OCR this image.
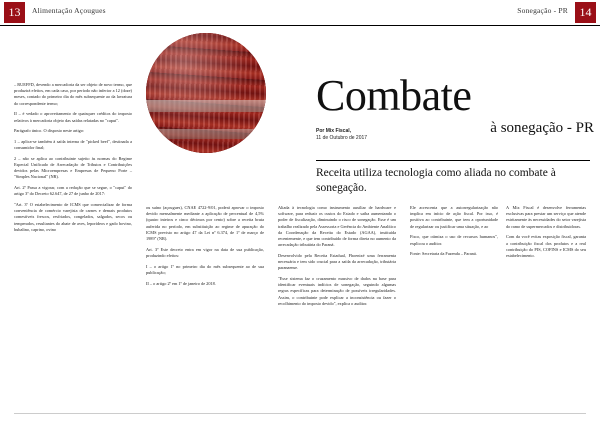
13	Alimentação Açougues	Sonegação - PR 14
Combate
à sonegação - PR
Por Mix Fiscal,
11 de Outubro de 2017
Receita utiliza tecnologia como aliada no combate à sonegação.

– RUEFFD, devendo a mercadoria da ser objeto de novo termo, que produzirá efeitos, em cada caso, por período não inferior a 12 (doze) meses, contado do primeiro dia do mês subsequente ao da lavratura do correspondente termo;

II – é vedado o aproveitamento de quaisquer créditos do imposto relativos à mercadoria objeto das saídas relatadas no "caput".

Parágrafo único. O disposto neste artigo:

1 – aplica-se também à saída interna de "picked beef", destinada a consumidor final;

2 – não se aplica ao contribuinte sujeito às normas do Regime Especial Unificado de Arrecadação de Tributos e Contribuições devidos pelas Microempresas e Empresas de Pequeno Porte – "Simples Nacional" (NR).

Art. 2º Passa a vigorar, com a redação que se segue, o "caput" do artigo 3º do Decreto 62.647, de 27 de junho de 2017:

"Art. 3º O estabelecimento de ICMS que comercializar de forma conveniência de comércio varejista de carnes e demais produtos comestíveis frescos, resfriados, congelados, salgados, secos ou temperados, resultantes do abate de aves, leporídeos e gado bovino, bubalino, caprino, ovino

ou suíno (açougues), CNAE 4722-9/01, poderá aprovar o imposto devido mensalmente mediante a aplicação de percentual de 4,5% (quatro inteiros e cinco décimos por cento) sobre a receita bruta auferida no período, em substituição ao regime de apuração do ICMS previsto no artigo 47 da Lei nº 6.374, de 1º de março de 1989" (NR).

Art. 3º Este decreto entra em vigor na data de sua publicação, produzindo efeitos:

I – o artigo 1º no primeiro dia do mês subsequente ao de sua publicação;

II – o artigo 2º em 1º de janeiro de 2018.

Aliada à tecnologia como instrumento auxiliar de hardware e software, para reduzir os custos do Estado e saiba aumentando o poder de fiscalização, diminuindo o risco de sonegação. Esse é um trabalho realizado pela Assessoria e Gerência do Ambiente Analítico da Coordenação da Receita do Estado (AGAA), instituída recentemente, e que tem contribuído de forma direta no aumento da arrecadação tributária do Paraná.

Desenvolvido pela Receita Estadual, Fhoenixé uma ferramenta necessária e tem sido crucial para a saída da arrecadação, tributária paranaense.

"Esse sistema faz o cruzamento massivo de dados na base para identificar eventuais indícios de sonegação, seguindo algumas regras específicas para determinação de possíveis irregularidades. Assim, o contribuinte pode explicar a inconsistência ou fazer o recolhimento do imposto devido", explica o auditor.

Ele acrescenta que a autorregularização não implica em início de ação fiscal. Por isso, é positiva ao contribuinte, que tem a oportunidade de regularizar ou justificar uma situação, e ao

Fisco, que otimiza o uso de recursos humanos", explicou o auditor.

Fonte: Secretaria da Fazenda – Paraná.

A Mix Fiscal é desenvolve ferramentas exclusivas para prestar um serviço que atende estritamente às necessidades do setor varejista do ramo de supermercados e distribuidoras.

Com da você evitas exposição fiscal, garanta a contribuição fiscal dos produtos e a real contribuição do PIS, COFINS e ICMS do seu estabelecimento.
